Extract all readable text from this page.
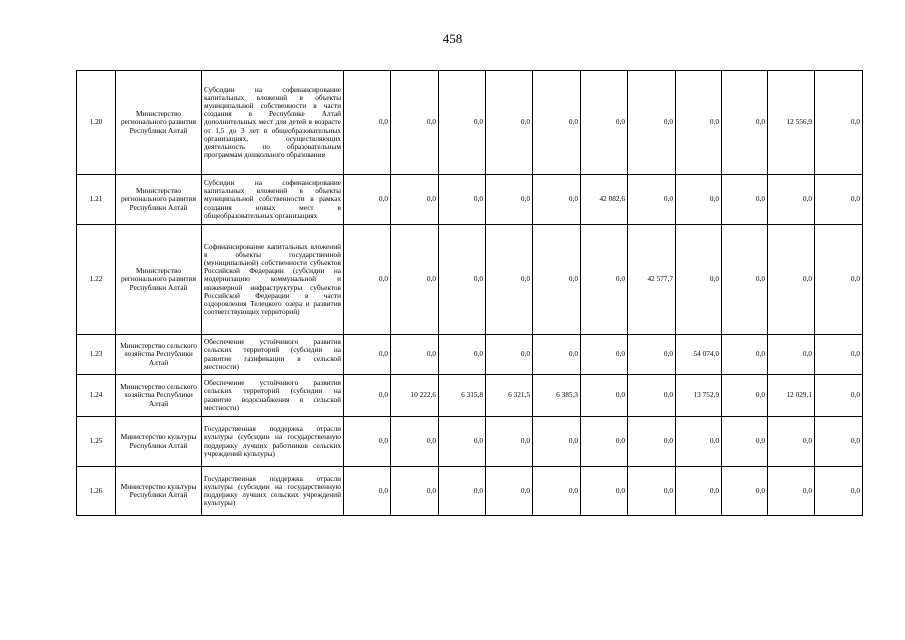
458
1.20	Министерство регионального развития Республики Алтай	Субсидии на софинансирование капитальных вложений в объекты муниципальной собственности в части создания в Республике Алтай дополнительных мест для детей в возрасте от 1,5 до 3 лет в общеобразовательных организациях, осуществляющих деятельность по образовательным программам дошкольного образования	0,0	0,0	0,0	0,0	0,0	0,0	0,0	0,0	0,0	12 556,9	0,0
1.21	Министерство регионального развития Республики Алтай	Субсидии на софинансирование капитальных вложений в объекты муниципальной собственности в рамках создания новых мест в общеобразовательных организациях	0,0	0,0	0,0	0,0	0,0	42 082,6	0,0	0,0	0,0	0,0	0,0
1.22	Министерство регионального развития Республики Алтай	Софинансирование капитальных вложений в объекты государственной (муниципальной) собственности субъектов Российской Федерации (субсидии на модернизацию коммунальной и инженерной инфраструктуры субъектов Российской Федерации в части оздоровления Телецкого озера и развития соответствующих территорий)	0,0	0,0	0,0	0,0	0,0	0,0	42 577,7	0,0	0,0	0,0	0,0
1.23	Министерство сельского хозяйства Республики Алтай	Обеспечение устойчивого развития сельских территорий (субсидии на развитие газификации в сельской местности)	0,0	0,0	0,0	0,0	0,0	0,0	0,0	54 074,0	0,0	0,0	0,0
1.24	Министерство сельского хозяйства Республики Алтай	Обеспечение устойчивого развития сельских территорий (субсидии на развитие водоснабжения в сельской местности)	0,0	10 222,6	6 315,8	6 321,5	6 385,3	0,0	0,0	13 752,9	0,0	12 029,1	0,0
1.25	Министерство культуры Республики Алтай	Государственная поддержка отрасли культуры (субсидии на государственную поддержку лучших работников сельских учреждений культуры)	0,0	0,0	0,0	0,0	0,0	0,0	0,0	0,0	0,0	0,0	0,0
1.26	Министерство культуры Республики Алтай	Государственная поддержка отрасли культуры (субсидии на государственную поддержку лучших сельских учреждений культуры)	0,0	0,0	0,0	0,0	0,0	0,0	0,0	0,0	0,0	0,0	0,0
